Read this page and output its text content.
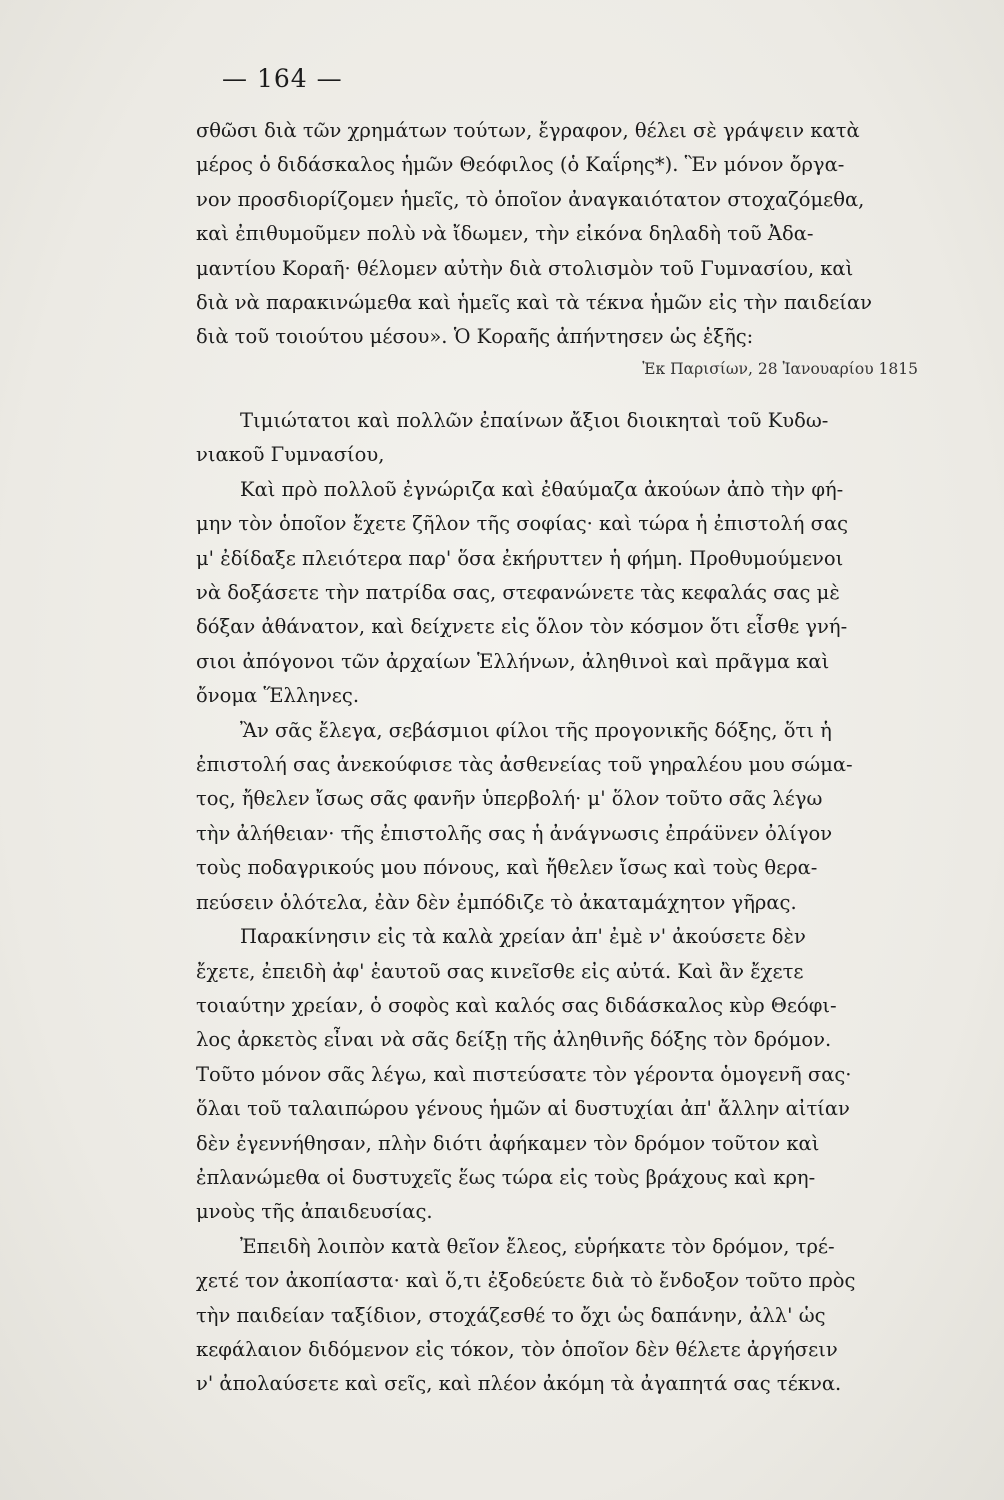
— 164 —
σθῶσι διὰ τῶν χρημάτων τούτων, ἔγραφον, θέλει σὲ γράψειν κατὰ
μέρος ὁ διδάσκαλος ἡμῶν Θεόφιλος (ὁ Καΐρης*). Ἓν μόνον ὄργα-
νον προσδιορίζομεν ἡμεῖς, τὸ ὁποῖον ἀναγκαιότατον στοχαζόμεθα,
καὶ ἐπιθυμοῦμεν πολὺ νὰ ἴδωμεν, τὴν εἰκόνα δηλαδὴ τοῦ Ἀδα-
μαντίου Κοραῆ· θέλομεν αὐτὴν διὰ στολισμὸν τοῦ Γυμνασίου, καὶ
διὰ νὰ παρακινώμεθα καὶ ἡμεῖς καὶ τὰ τέκνα ἡμῶν εἰς τὴν παιδείαν
διὰ τοῦ τοιούτου μέσου». Ὁ Κοραῆς ἀπήντησεν ὡς ἑξῆς:
Ἐκ Παρισίων, 28 Ἰανουαρίου 1815
Τιμιώτατοι καὶ πολλῶν ἐπαίνων ἄξιοι διοικηταὶ τοῦ Κυδω-
νιακοῦ Γυμνασίου,
Καὶ πρὸ πολλοῦ ἐγνώριζα καὶ ἐθαύμαζα ἀκούων ἀπὸ τὴν φή-
μην τὸν ὁποῖον ἔχετε ζῆλον τῆς σοφίας· καὶ τώρα ἡ ἐπιστολή σας
μ' ἐδίδαξε πλειότερα παρ' ὅσα ἐκήρυττεν ἡ φήμη. Προθυμούμενοι
νὰ δοξάσετε τὴν πατρίδα σας, στεφανώνετε τὰς κεφαλάς σας μὲ
δόξαν ἀθάνατον, καὶ δείχνετε εἰς ὅλον τὸν κόσμον ὅτι εἶσθε γνή-
σιοι ἀπόγονοι τῶν ἀρχαίων Ἑλλήνων, ἀληθινοὶ καὶ πρᾶγμα καὶ
ὄνομα Ἕλληνες.
Ἂν σᾶς ἔλεγα, σεβάσμιοι φίλοι τῆς προγονικῆς δόξης, ὅτι ἡ
ἐπιστολή σας ἀνεκούφισε τὰς ἀσθενείας τοῦ γηραλέου μου σώμα-
τος, ἤθελεν ἴσως σᾶς φανῆν ὑπερβολή· μ' ὅλον τοῦτο σᾶς λέγω
τὴν ἀλήθειαν· τῆς ἐπιστολῆς σας ἡ ἀνάγνωσις ἐπράϋνεν ὀλίγον
τοὺς ποδαγρικούς μου πόνους, καὶ ἤθελεν ἴσως καὶ τοὺς θερα-
πεύσειν ὁλότελα, ἐὰν δὲν ἐμπόδιζε τὸ ἀκαταμάχητον γῆρας.
Παρακίνησιν εἰς τὰ καλὰ χρείαν ἀπ' ἐμὲ ν' ἀκούσετε δὲν
ἔχετε, ἐπειδὴ ἀφ' ἑαυτοῦ σας κινεῖσθε εἰς αὐτά. Καὶ ἂν ἔχετε
τοιαύτην χρείαν, ὁ σοφὸς καὶ καλός σας διδάσκαλος κὺρ Θεόφι-
λος ἀρκετὸς εἶναι νὰ σᾶς δείξῃ τῆς ἀληθινῆς δόξης τὸν δρόμον.
Τοῦτο μόνον σᾶς λέγω, καὶ πιστεύσατε τὸν γέροντα ὁμογενῆ σας·
ὅλαι τοῦ ταλαιπώρου γένους ἡμῶν αἱ δυστυχίαι ἀπ' ἄλλην αἰτίαν
δὲν ἐγεννήθησαν, πλὴν διότι ἀφήκαμεν τὸν δρόμον τοῦτον καὶ
ἐπλανώμεθα οἱ δυστυχεῖς ἕως τώρα εἰς τοὺς βράχους καὶ κρη-
μνοὺς τῆς ἀπαιδευσίας.
Ἐπειδὴ λοιπὸν κατὰ θεῖον ἔλεος, εὑρήκατε τὸν δρόμον, τρέ-
χετέ τον ἀκοπίαστα· καὶ ὅ,τι ἐξοδεύετε διὰ τὸ ἔνδοξον τοῦτο πρὸς
τὴν παιδείαν ταξίδιον, στοχάζεσθέ το ὄχι ὡς δαπάνην, ἀλλ' ὡς
κεφάλαιον διδόμενον εἰς τόκον, τὸν ὁποῖον δὲν θέλετε ἀργήσειν
ν' ἀπολαύσετε καὶ σεῖς, καὶ πλέον ἀκόμη τὰ ἀγαπητά σας τέκνα.
